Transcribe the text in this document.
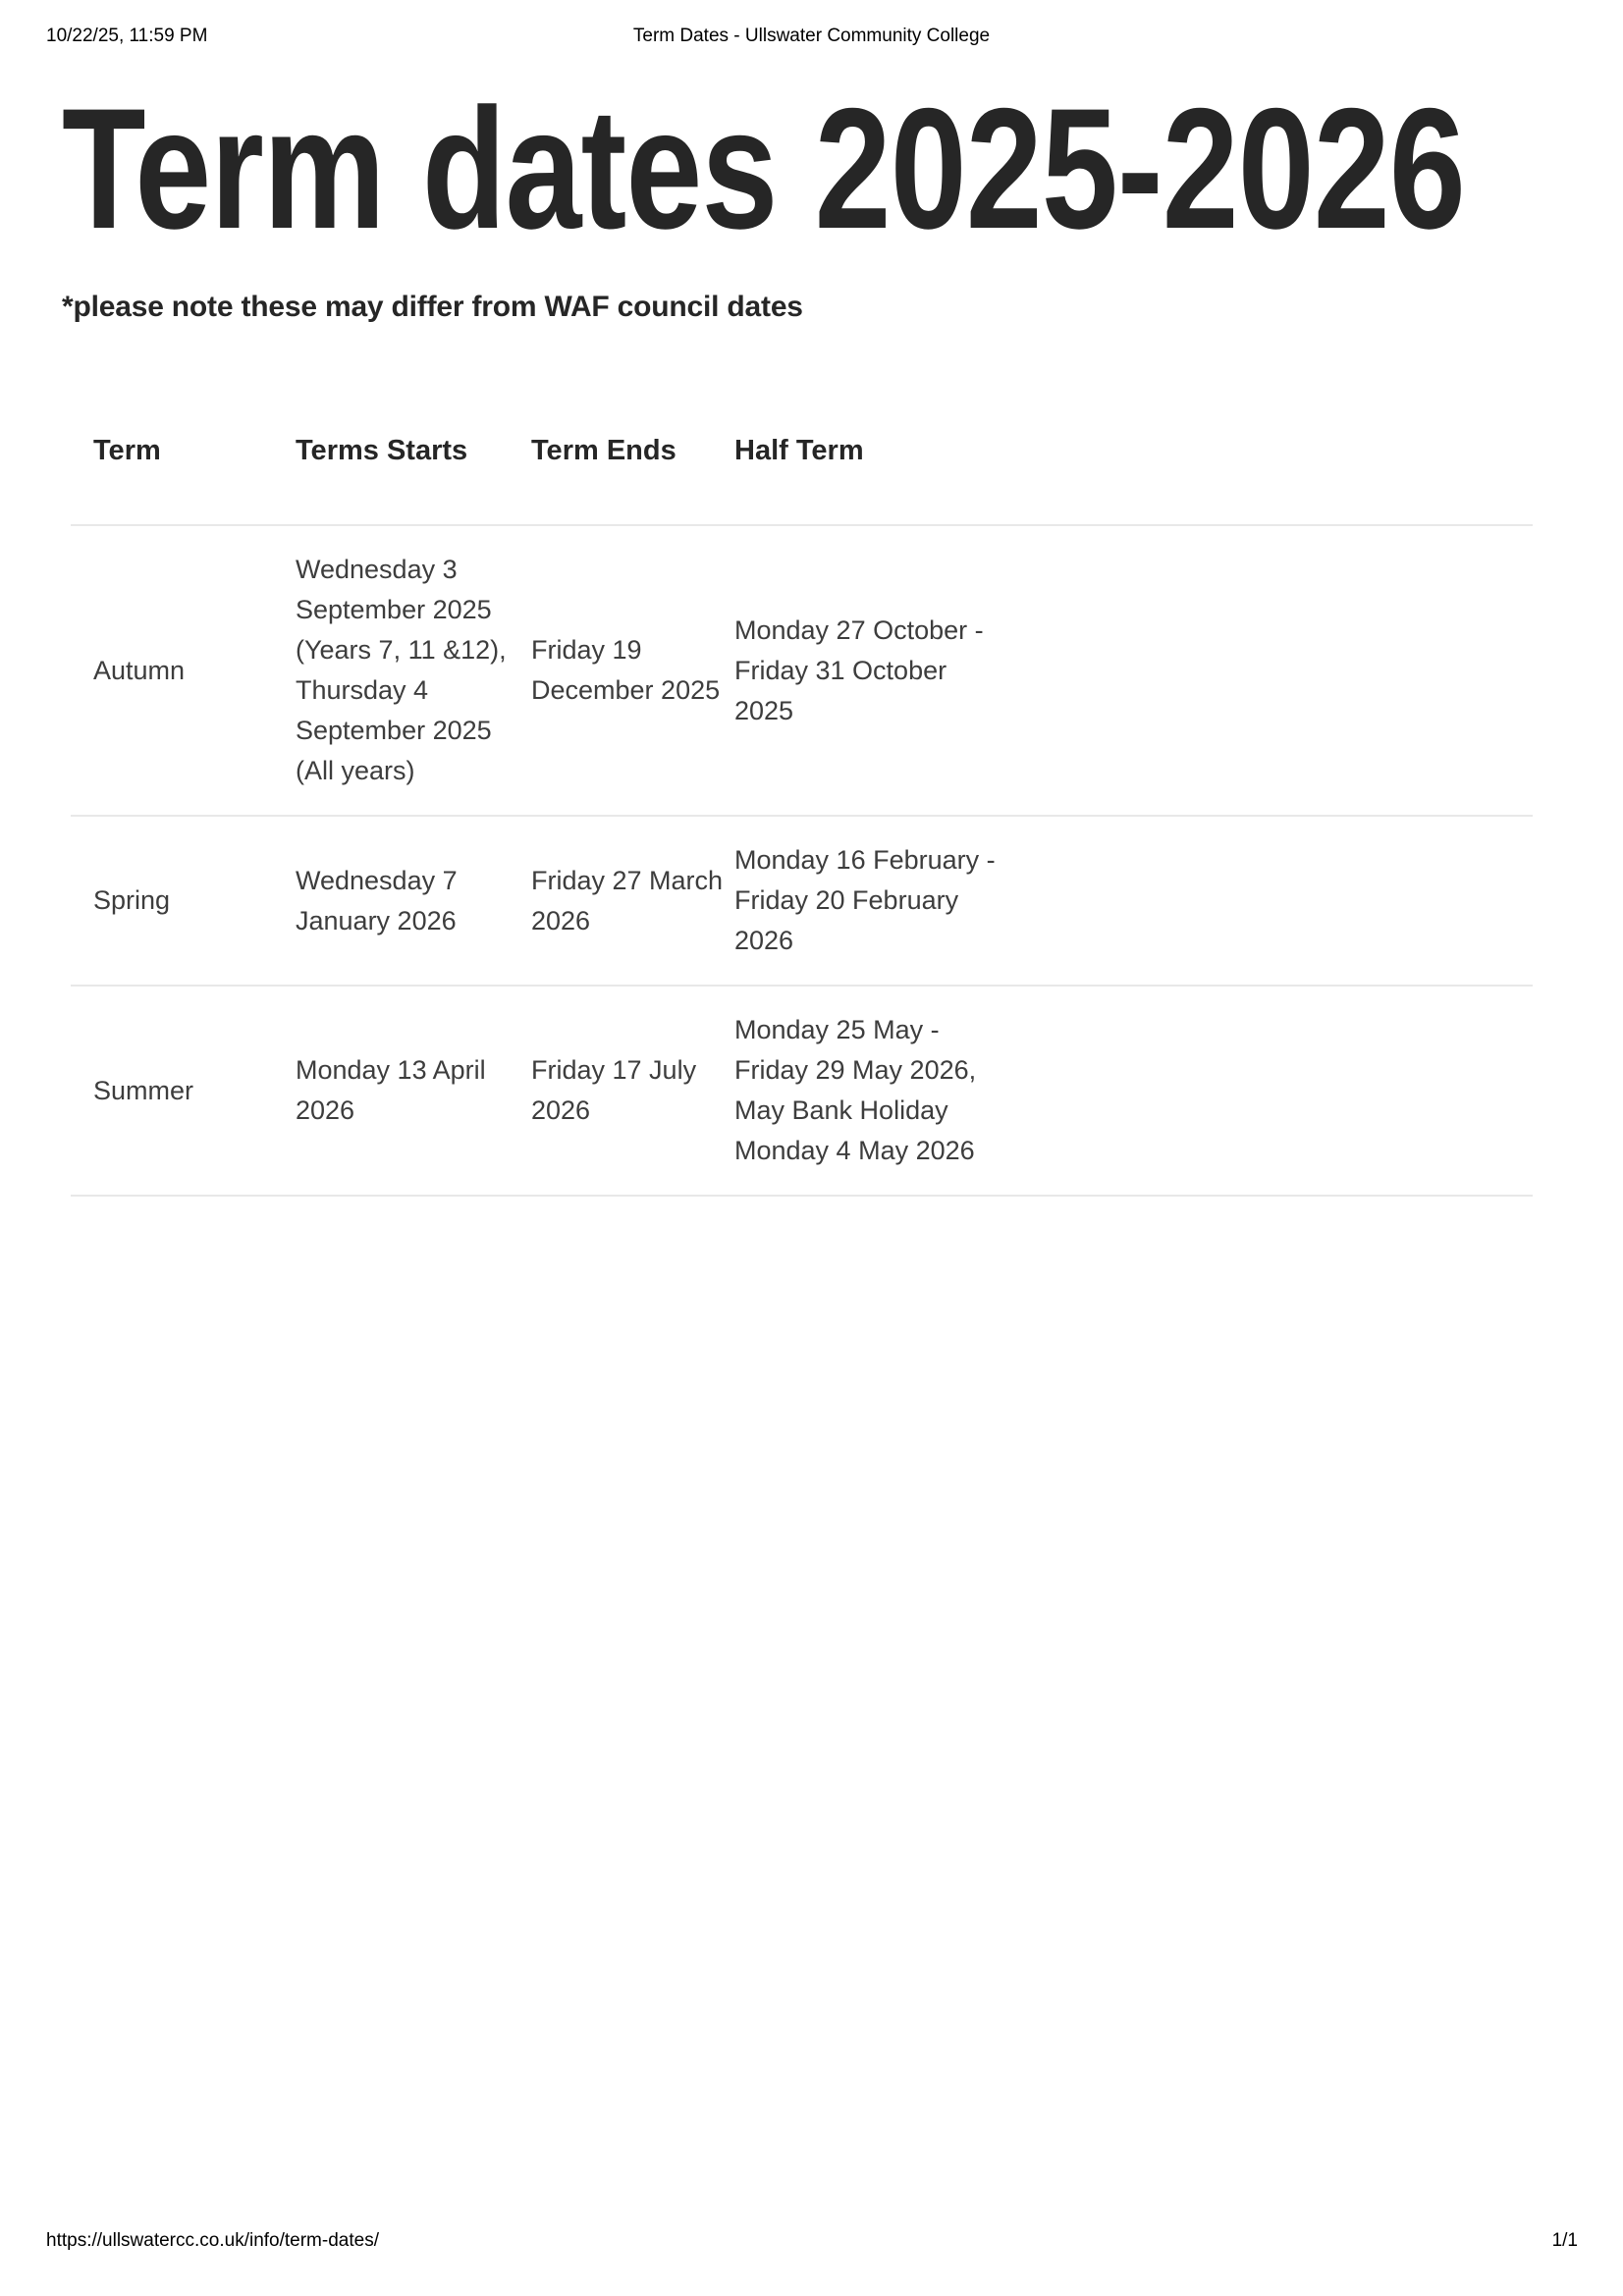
10/22/25, 11:59 PM	Term Dates - Ullswater Community College
Term dates 2025-2026

*please note these may differ from WAF council dates

Term	Terms Starts	Term Ends	Half Term	
Autumn	Wednesday 3 September 2025 (Years 7, 11 &12), Thursday 4 September 2025 (All years)	Friday 19 December 2025	Monday 27 October - Friday 31 October 2025	
Spring	Wednesday 7 January 2026	Friday 27 March 2026	Monday 16 February - Friday 20 February 2026	
Summer	Monday 13 April 2026	Friday 17 July 2026	Monday 25 May - Friday 29 May 2026, May Bank Holiday Monday 4 May 2026	
https://ullswatercc.co.uk/info/term-dates/	1/1
